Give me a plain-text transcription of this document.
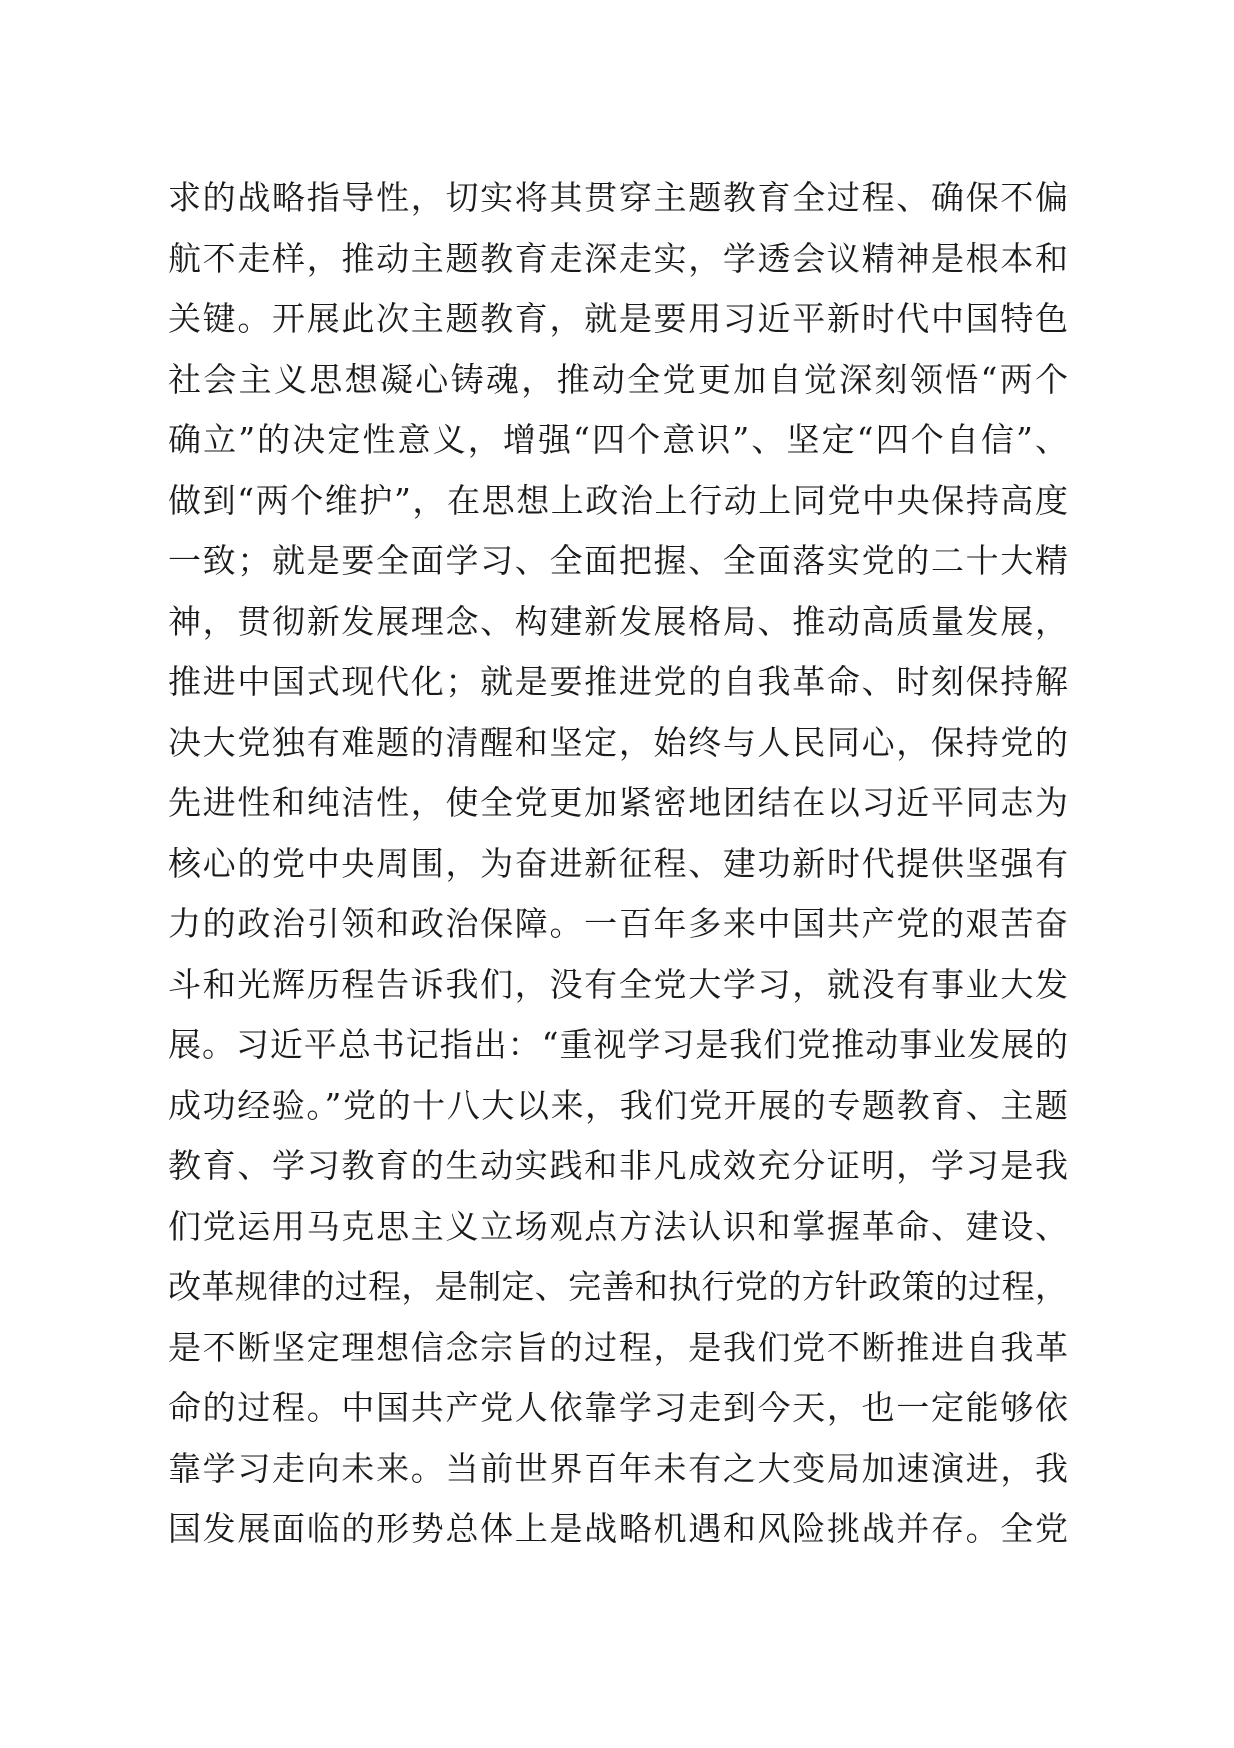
求的战略指导性，切实将其贯穿主题教育全过程、确保不偏
航不走样，推动主题教育走深走实，学透会议精神是根本和
关键。开展此次主题教育，就是要用习近平新时代中国特色
社会主义思想凝心铸魂，推动全党更加自觉深刻领悟“两个
确立”的决定性意义，增强“四个意识”、坚定“四个自信”、
做到“两个维护”，在思想上政治上行动上同党中央保持高度
一致；就是要全面学习、全面把握、全面落实党的二十大精
神，贯彻新发展理念、构建新发展格局、推动高质量发展，
推进中国式现代化；就是要推进党的自我革命、时刻保持解
决大党独有难题的清醒和坚定，始终与人民同心，保持党的
先进性和纯洁性，使全党更加紧密地团结在以习近平同志为
核心的党中央周围，为奋进新征程、建功新时代提供坚强有
力的政治引领和政治保障。一百年多来中国共产党的艰苦奋
斗和光辉历程告诉我们，没有全党大学习，就没有事业大发
展。习近平总书记指出：“重视学习是我们党推动事业发展的
成功经验。”党的十八大以来，我们党开展的专题教育、主题
教育、学习教育的生动实践和非凡成效充分证明，学习是我
们党运用马克思主义立场观点方法认识和掌握革命、建设、
改革规律的过程，是制定、完善和执行党的方针政策的过程，
是不断坚定理想信念宗旨的过程，是我们党不断推进自我革
命的过程。中国共产党人依靠学习走到今天，也一定能够依
靠学习走向未来。当前世界百年未有之大变局加速演进，我
国发展面临的形势总体上是战略机遇和风险挑战并存。全党
